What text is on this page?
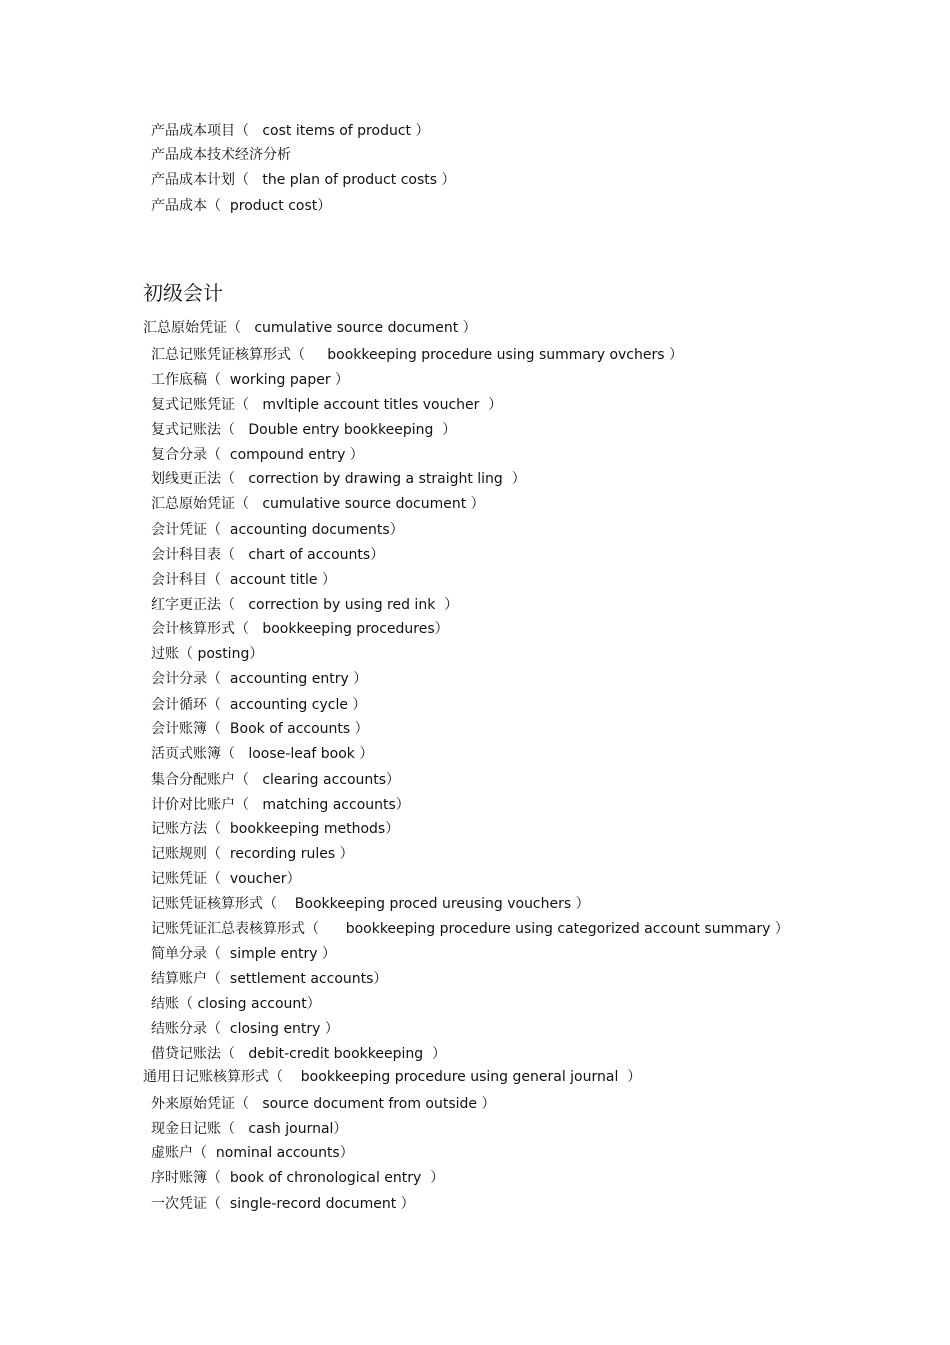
产品成本项目（   cost items of product ）
产品成本技术经济分析
产品成本计划（   the plan of product costs ）
产品成本（  product cost）
初级会计
汇总原始凭证（   cumulative source document ）
汇总记账凭证核算形式（     bookkeeping procedure using summary ovchers ）
工作底稿（  working paper ）
复式记账凭证（   mvltiple account titles voucher  ）
复式记账法（   Double entry bookkeeping  ）
复合分录（  compound entry ）
划线更正法（   correction by drawing a straight ling  ）
汇总原始凭证（   cumulative source document ）
会计凭证（  accounting documents）
会计科目表（   chart of accounts）
会计科目（  account title ）
红字更正法（   correction by using red ink  ）
会计核算形式（   bookkeeping procedures）
过账（ posting）
会计分录（  accounting entry ）
会计循环（  accounting cycle ）
会计账簿（  Book of accounts ）
活页式账簿（   loose-leaf book ）
集合分配账户（   clearing accounts）
计价对比账户（   matching accounts）
记账方法（  bookkeeping methods）
记账规则（  recording rules ）
记账凭证（  voucher）
记账凭证核算形式（    Bookkeeping proced ureusing vouchers ）
记账凭证汇总表核算形式（      bookkeeping procedure using categorized account summary ）
简单分录（  simple entry ）
结算账户（  settlement accounts）
结账（ closing account）
结账分录（  closing entry ）
借贷记账法（   debit-credit bookkeeping  ）
通用日记账核算形式（    bookkeeping procedure using general journal  ）
外来原始凭证（   source document from outside ）
现金日记账（   cash journal）
虚账户（  nominal accounts）
序时账簿（  book of chronological entry  ）
一次凭证（  single-record document ）
